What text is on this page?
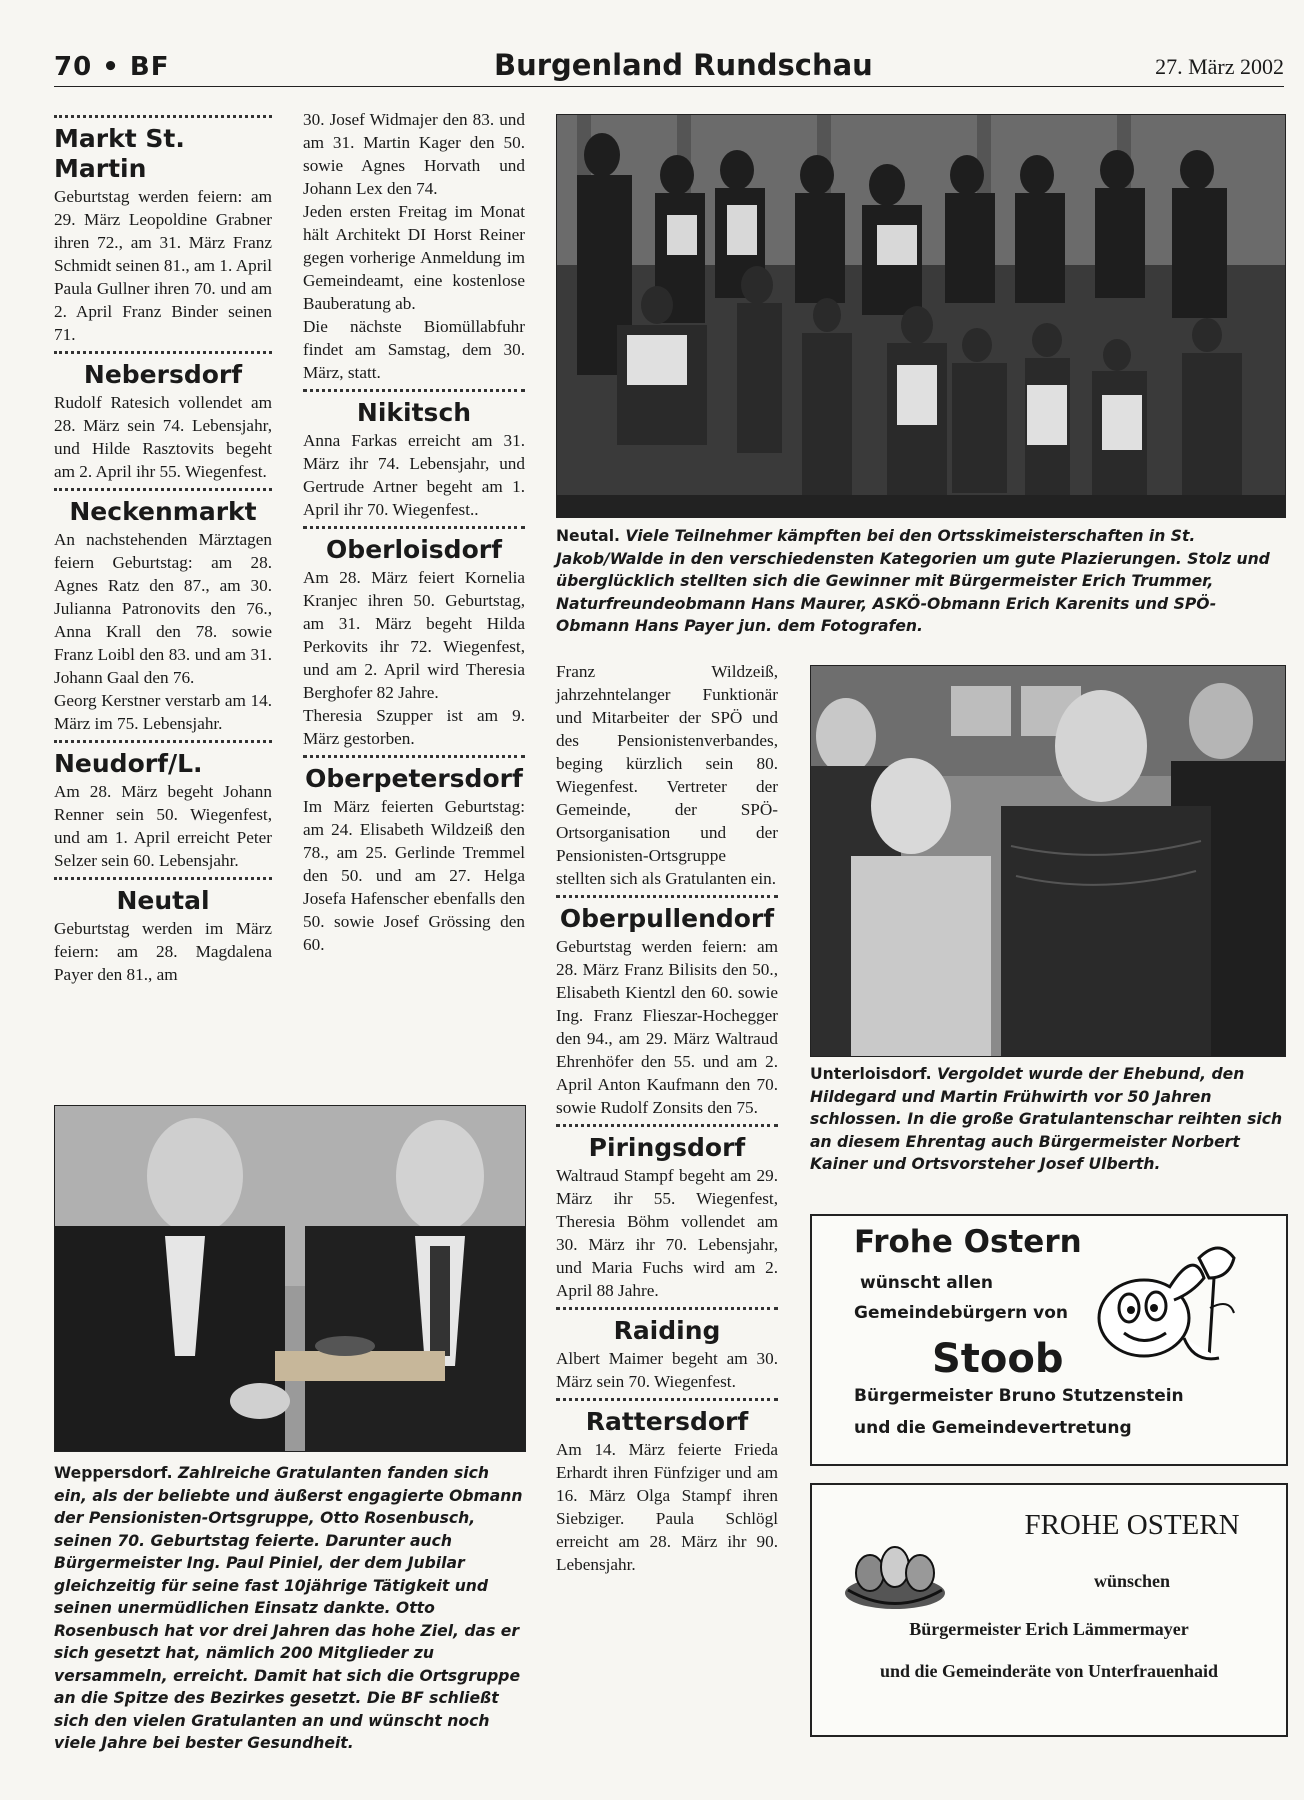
70 • BF	Burgenland Rundschau	27. März 2002
Markt St. Martin

Geburtstag werden feiern: am 29. März Leopoldine Grabner ihren 72., am 31. März Franz Schmidt seinen 81., am 1. April Paula Gullner ihren 70. und am 2. April Franz Binder seinen 71.

Nebersdorf

Rudolf Ratesich vollendet am 28. März sein 74. Lebensjahr, und Hilde Rasztovits begeht am 2. April ihr 55. Wiegenfest.

Neckenmarkt

An nachstehenden Märztagen feiern Geburtstag: am 28. Agnes Ratz den 87., am 30. Julianna Patronovits den 76., Anna Krall den 78. sowie Franz Loibl den 83. und am 31. Johann Gaal den 76.

Georg Kerstner verstarb am 14. März im 75. Lebensjahr.

Neudorf/L.

Am 28. März begeht Johann Renner sein 50. Wiegenfest, und am 1. April erreicht Peter Selzer sein 60. Lebensjahr.

Neutal

Geburtstag werden im März feiern: am 28. Magdalena Payer den 81., am

30. Josef Widmajer den 83. und am 31. Martin Kager den 50. sowie Agnes Horvath und Johann Lex den 74.

Jeden ersten Freitag im Monat hält Architekt DI Horst Reiner gegen vorherige Anmeldung im Gemeindeamt, eine kostenlose Bauberatung ab.

Die nächste Biomüllabfuhr findet am Samstag, dem 30. März, statt.

Nikitsch

Anna Farkas erreicht am 31. März ihr 74. Lebensjahr, und Gertrude Artner begeht am 1. April ihr 70. Wiegenfest..

Oberloisdorf

Am 28. März feiert Kornelia Kranjec ihren 50. Geburtstag, am 31. März begeht Hilda Perkovits ihr 72. Wiegenfest, und am 2. April wird Theresia Berghofer 82 Jahre.

Theresia Szupper ist am 9. März gestorben.

Oberpetersdorf

Im März feierten Geburtstag: am 24. Elisabeth Wildzeiß den 78., am 25. Gerlinde Tremmel den 50. und am 27. Helga Josefa Hafenscher ebenfalls den 50. sowie Josef Grössing den 60.

Neutal. Viele Teilnehmer kämpften bei den Ortsskimeisterschaften in St. Jakob/Walde in den verschiedensten Kategorien um gute Plazierungen. Stolz und überglücklich stellten sich die Gewinner mit Bürgermeister Erich Trummer, Naturfreundeobmann Hans Maurer, ASKÖ-Obmann Erich Karenits und SPÖ-Obmann Hans Payer jun. dem Fotografen.

Franz Wildzeiß, jahrzehntelanger Funktionär und Mitarbeiter der SPÖ und des Pensionistenverbandes, beging kürzlich sein 80. Wiegenfest. Vertreter der Gemeinde, der SPÖ-Ortsorganisation und der Pensionisten-Ortsgruppe stellten sich als Gratulanten ein.

Oberpullendorf

Geburtstag werden feiern: am 28. März Franz Bilisits den 50., Elisabeth Kientzl den 60. sowie Ing. Franz Flieszar-Hochegger den 94., am 29. März Waltraud Ehrenhöfer den 55. und am 2. April Anton Kaufmann den 70. sowie Rudolf Zonsits den 75.

Piringsdorf

Waltraud Stampf begeht am 29. März ihr 55. Wiegenfest, Theresia Böhm vollendet am 30. März ihr 70. Lebensjahr, und Maria Fuchs wird am 2. April 88 Jahre.

Raiding

Albert Maimer begeht am 30. März sein 70. Wiegenfest.

Rattersdorf

Am 14. März feierte Frieda Erhardt ihren Fünfziger und am 16. März Olga Stampf ihren Siebziger. Paula Schlögl erreicht am 28. März ihr 90. Lebensjahr.

Unterloisdorf. Vergoldet wurde der Ehebund, den Hildegard und Martin Frühwirth vor 50 Jahren schlossen. In die große Gratulantenschar reihten sich an diesem Ehrentag auch Bürgermeister Norbert Kainer und Ortsvorsteher Josef Ulberth.
Weppersdorf. Zahlreiche Gratulanten fanden sich ein, als der beliebte und äußerst engagierte Obmann der Pensionisten-Ortsgruppe, Otto Rosenbusch, seinen 70. Geburtstag feierte. Darunter auch Bürgermeister Ing. Paul Piniel, der dem Jubilar gleichzeitig für seine fast 10jährige Tätigkeit und seinen unermüdlichen Einsatz dankte. Otto Rosenbusch hat vor drei Jahren das hohe Ziel, das er sich gesetzt hat, nämlich 200 Mitglieder zu versammeln, erreicht. Damit hat sich die Ortsgruppe an die Spitze des Bezirkes gesetzt. Die BF schließt sich den vielen Gratulanten an und wünscht noch viele Jahre bei bester Gesundheit.
Frohe Ostern
wünscht allen
Gemeindebürgern von
Stoob
Bürgermeister Bruno Stutzenstein
und die Gemeindevertretung
FROHE OSTERN
wünschen
Bürgermeister Erich Lämmermayer
und die Gemeinderäte von Unterfrauenhaid
